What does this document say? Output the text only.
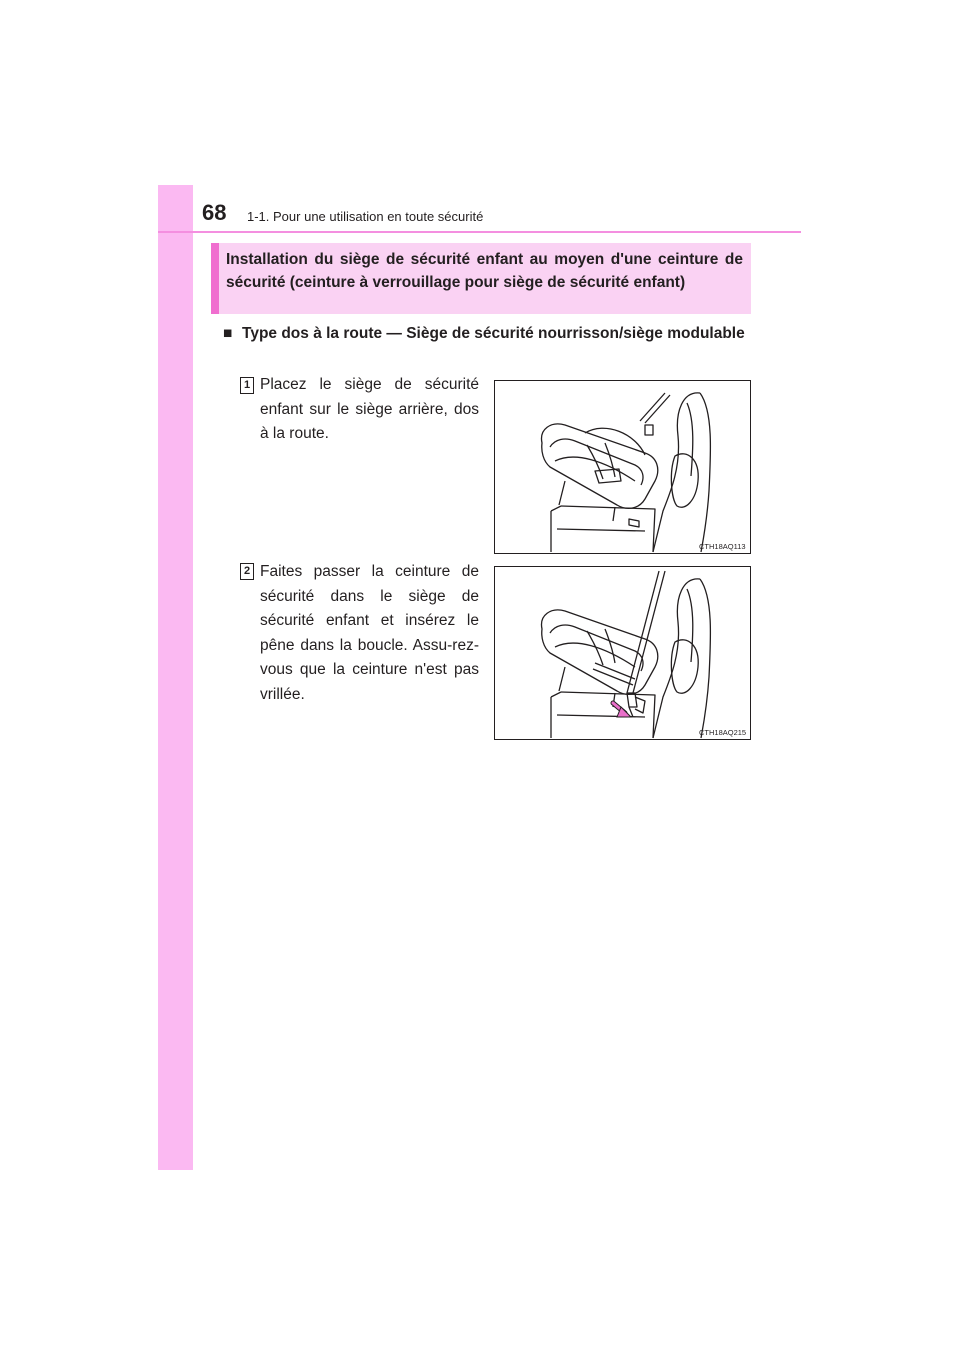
68 1-1. Pour une utilisation en toute sécurité
Installation du siège de sécurité enfant au moyen d'une ceinture de sécurité (ceinture à verrouillage pour siège de sécurité enfant)
■ Type dos à la route — Siège de sécurité nourrisson/siège modulable
1 Placez le siège de sécurité enfant sur le siège arrière, dos à la route.
CTH18AQ113
2 Faites passer la ceinture de sécurité dans le siège de sécurité enfant et insérez le pêne dans la boucle. Assu-rez-vous que la ceinture n'est pas vrillée.
CTH18AQ215
